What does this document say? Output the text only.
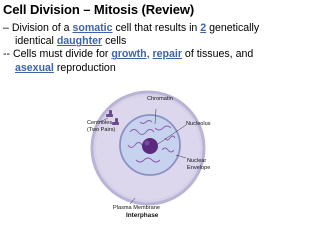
Cell Division – Mitosis (Review)
– Division of a somatic cell that results in 2 genetically
identical daughter cells
-- Cells must divide for growth, repair of tissues, and
asexual reproduction
Chromatin
Centrioles
(Two Pairs)
Nucleolus
Nuclear
Envelope
Plasma Membrane
Interphase
